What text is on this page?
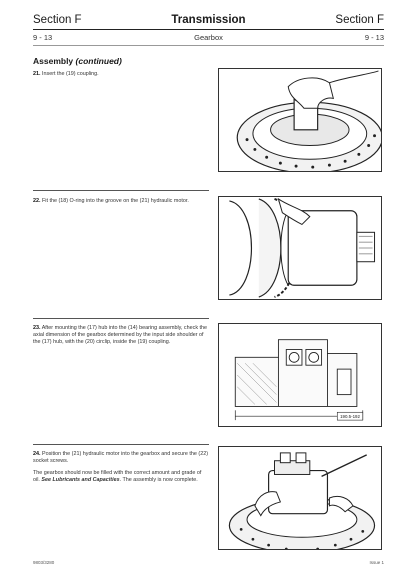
Section F	Transmission	Section F
9 - 13	Gearbox	9 - 13
Assembly (continued)

21. Insert the (19) coupling.

22. Fit the (18) O-ring into the groove on the (21) hydraulic motor.

23. After mounting the (17) hub into the (14) bearing assembly, check the axial dimension of the gearbox determined by the input side shoulder of the (17) hub, with the (20) circlip, inside the (19) coupling.

190.5-192

24. Position the (21) hydraulic motor into the gearbox and secure the (22) socket screws.

The gearbox should now be filled with the correct amount and grade of oil. See Lubricants and Capacities. The assembly is now complete.

9803/3280	Issue 1
